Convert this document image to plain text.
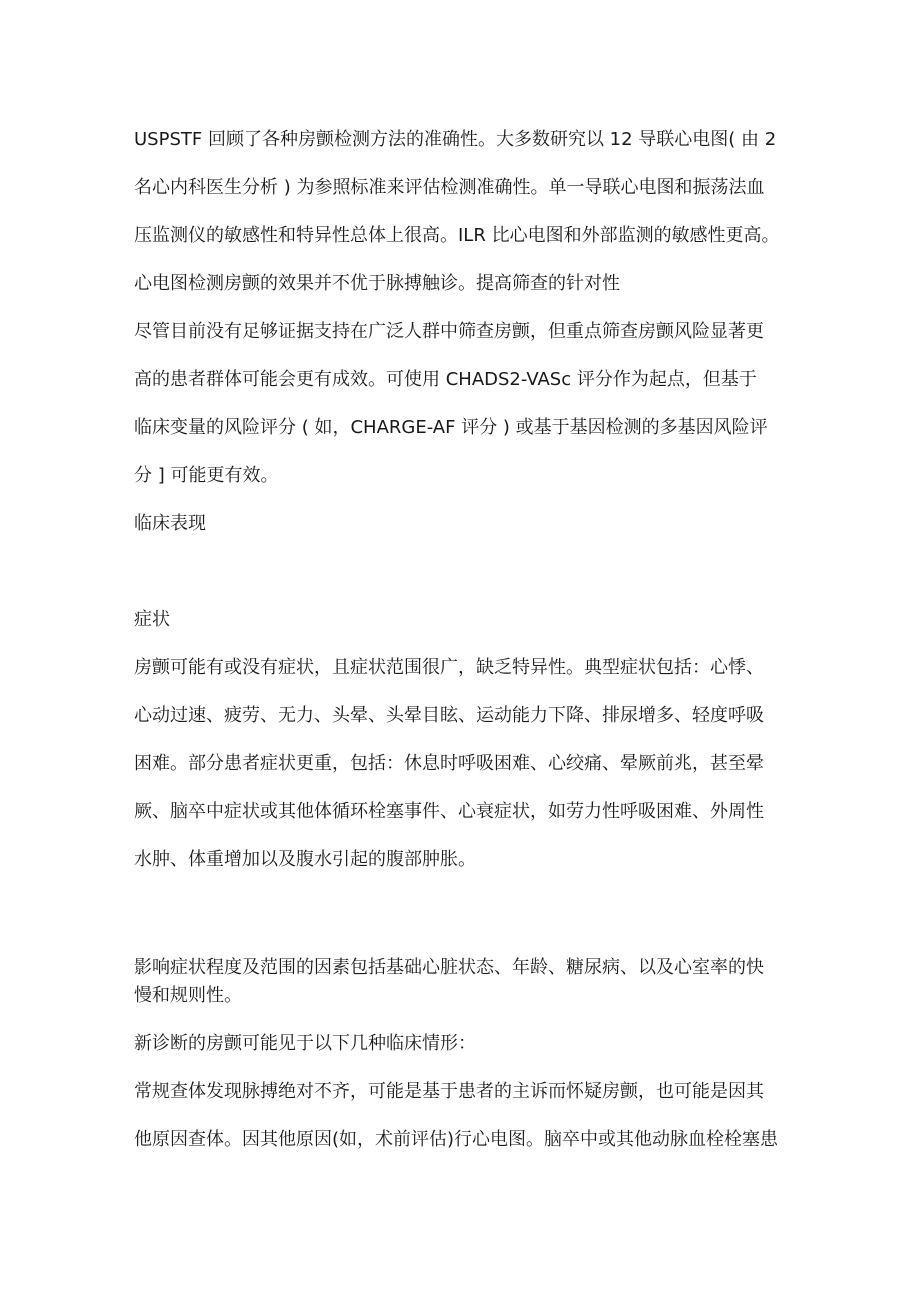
USPSTF 回顾了各种房颤检测方法的准确性。大多数研究以 12 导联心电图( 由 2
名心内科医生分析 ) 为参照标准来评估检测准确性。单一导联心电图和振荡法血
压监测仪的敏感性和特异性总体上很高。ILR 比心电图和外部监测的敏感性更高。
心电图检测房颤的效果并不优于脉搏触诊。提高筛查的针对性
尽管目前没有足够证据支持在广泛人群中筛查房颤，但重点筛查房颤风险显著更
高的患者群体可能会更有成效。可使用 CHADS2-VASc 评分作为起点，但基于
临床变量的风险评分 ( 如，CHARGE-AF 评分 ) 或基于基因检测的多基因风险评
分 ] 可能更有效。
临床表现
症状
房颤可能有或没有症状，且症状范围很广，缺乏特异性。典型症状包括：心悸、
心动过速、疲劳、无力、头晕、头晕目眩、运动能力下降、排尿增多、轻度呼吸
困难。部分患者症状更重，包括：休息时呼吸困难、心绞痛、晕厥前兆，甚至晕
厥、脑卒中症状或其他体循环栓塞事件、心衰症状，如劳力性呼吸困难、外周性
水肿、体重增加以及腹水引起的腹部肿胀。
影响症状程度及范围的因素包括基础心脏状态、年龄、糖尿病、以及心室率的快
慢和规则性。
新诊断的房颤可能见于以下几种临床情形：
常规查体发现脉搏绝对不齐，可能是基于患者的主诉而怀疑房颤，也可能是因其
他原因查体。因其他原因(如，术前评估)行心电图。脑卒中或其他动脉血栓栓塞患
